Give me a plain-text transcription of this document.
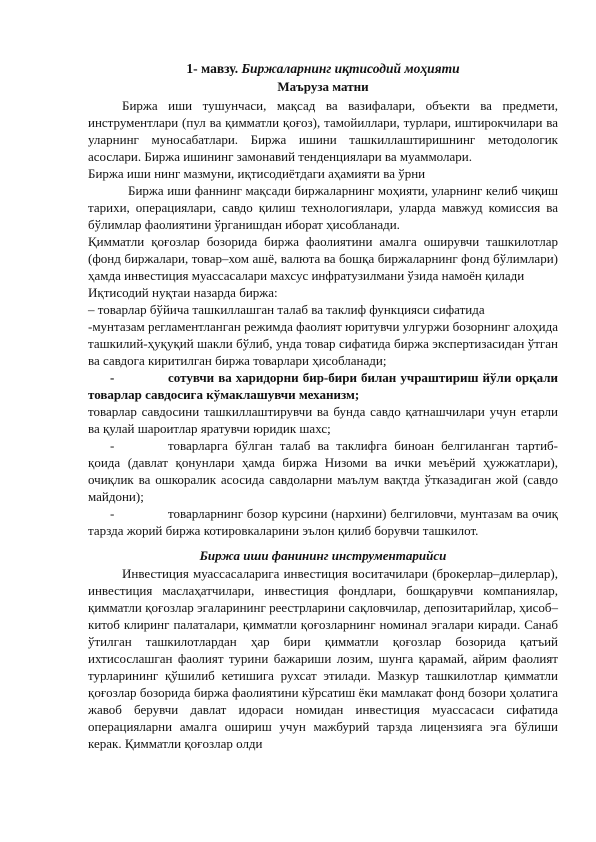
1- мавзу. Биржаларнинг иқтисодий моҳияти
Маъруза матни

Биржа иши тушунчаси, мақсад ва вазифалари, объекти ва предмети, инструментлари (пул ва қимматли қоғоз), тамойиллари, турлари, иштирокчилари ва уларнинг муносабатлари. Биржа ишини ташкиллаштиришнинг методологик асослари. Биржа ишининг замонавий тенденциялари ва муаммолари.

Биржа иши нинг мазмуни, иқтисодиётдаги аҳамияти ва ўрни

Биржа иши фаннинг мақсади биржаларнинг моҳияти, уларнинг келиб чиқиш тарихи, операциялари, савдо қилиш технологиялари, уларда мавжуд комиссия ва бўлимлар фаолиятини ўрганишдан иборат ҳисобланади.

Қимматли қоғозлар бозорида биржа фаолиятини амалга оширувчи ташкилотлар (фонд биржалари, товар–хом ашё, валюта ва бошқа биржаларнинг фонд бўлимлари) ҳамда инвестиция муассасалари махсус инфратузилмани ўзида намоён қилади

Иқтисодий нуқтаи назарда биржа:

– товарлар бўйича ташкиллашган талаб ва таклиф функцияси сифатида

-мунтазам регламентланган режимда фаолият юритувчи улгуржи бозорнинг алоҳида ташкилий-ҳуқуқий шакли бўлиб, унда товар сифатида биржа экспертизасидан ўтган ва савдога киритилган биржа товарлари ҳисобланади;

-	сотувчи ва харидорни бир-бири билан учраштириш йўли орқали товарлар савдосига кўмаклашувчи механизм;

товарлар савдосини ташкиллаштирувчи ва бунда савдо қатнашчилари учун етарли ва қулай шароитлар яратувчи юридик шахс;

-	товарларга бўлган талаб ва таклифга биноан белгиланган тартиб-қоида (давлат қонунлари ҳамда биржа Низоми ва ички меъёрий ҳужжатлари), очиқлик ва ошкоралик асосида савдоларни маълум вақтда ўтказадиган жой (савдо майдони);

-	товарларнинг бозор курсини (нархини) белгиловчи, мунтазам ва очиқ тарзда жорий биржа котировкаларини эълон қилиб борувчи ташкилот.

Биржа иши фанининг инструментарийси

Инвестиция муассасаларига инвестиция воситачилари (брокерлар–дилерлар), инвестиция маслаҳатчилари, инвестиция фондлари, бошқарувчи компаниялар, қимматли қоғозлар эгаларининг реестрларини сақловчилар, депозитарийлар, ҳисоб–китоб клиринг палаталари, қимматли қоғозларнинг номинал эгалари киради. Санаб ўтилган ташкилотлардан ҳар бири қимматли қоғозлар бозорида қатъий ихтисослашган фаолият турини бажариши лозим, шунга қарамай, айрим фаолият турларининг қўшилиб кетишига рухсат этилади. Мазкур ташкилотлар қимматли қоғозлар бозорида биржа фаолиятини кўрсатиш ёки мамлакат фонд бозори ҳолатига жавоб берувчи давлат идораси номидан инвестиция муассасаси сифатида операцияларни амалга ошириш учун мажбурий тарзда лицензияга эга бўлиши керак. Қимматли қоғозлар олди
